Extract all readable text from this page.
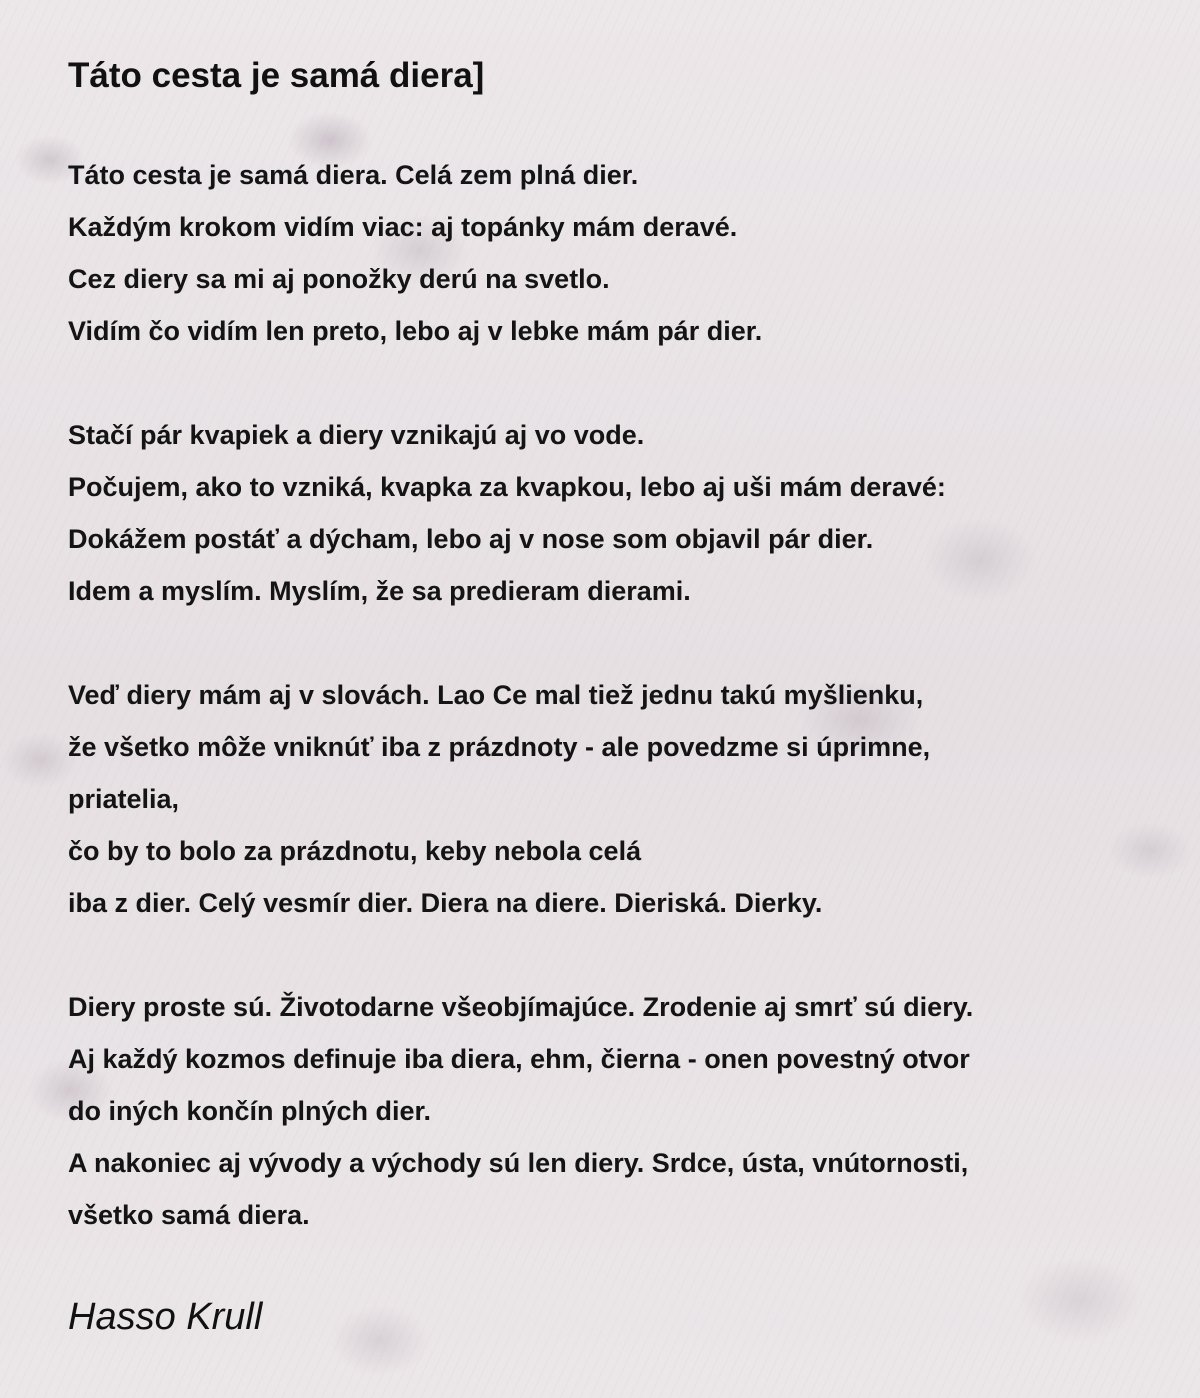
Táto cesta je samá diera]
Táto cesta je samá diera. Celá zem plná dier.
Každým krokom vidím viac: aj topánky mám deravé.
Cez diery sa mi aj ponožky derú na svetlo.
Vidím čo vidím len preto, lebo aj v lebke mám pár dier.
Stačí pár kvapiek a diery vznikajú aj vo vode.
Počujem, ako to vzniká, kvapka za kvapkou, lebo aj uši mám deravé:
Dokážem postáť a dýcham, lebo aj v nose som objavil pár dier.
Idem a myslím. Myslím, že sa predieram dierami.
Veď diery mám aj v slovách. Lao Ce mal tiež jednu takú myšlienku,
že všetko môže vniknúť iba z prázdnoty - ale povedzme si úprimne,
priatelia,
čo by to bolo za prázdnotu, keby nebola celá
iba z dier. Celý vesmír dier. Diera na diere. Dieriská. Dierky.
Diery proste sú. Životodarne všeobjímajúce. Zrodenie aj smrť sú diery.
Aj každý kozmos definuje iba diera, ehm, čierna - onen povestný otvor
do iných končín plných dier.
A nakoniec aj vývody a východy sú len diery. Srdce, ústa, vnútornosti,
všetko samá diera.
Hasso Krull
